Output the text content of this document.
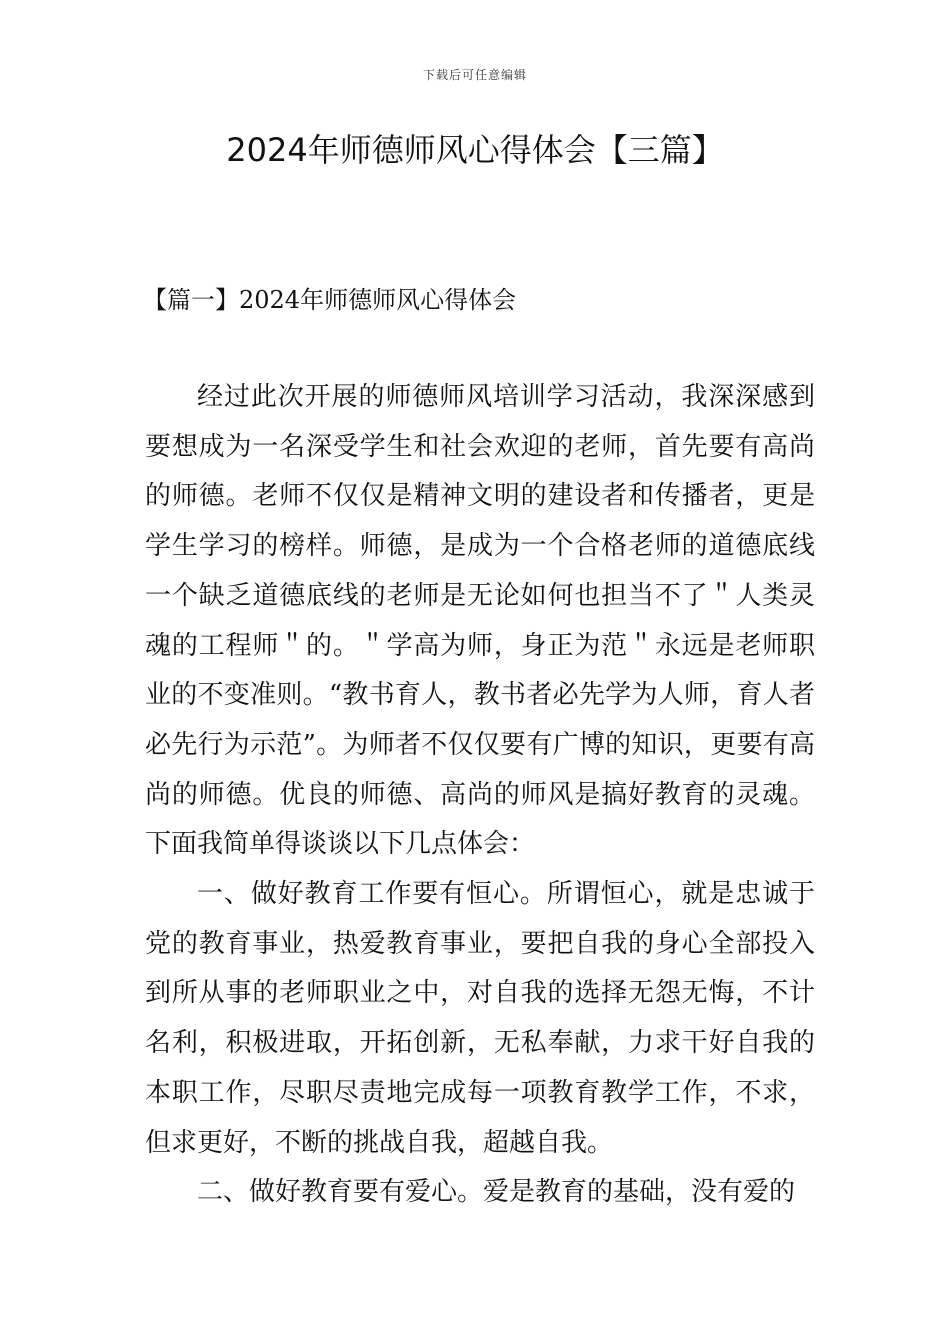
下载后可任意编辑
2024年师德师风心得体会【三篇】
【篇一】2024年师德师风心得体会

经过此次开展的师德师风培训学习活动，我深深感到要想成为一名深受学生和社会欢迎的老师，首先要有高尚的师德。老师不仅仅是精神文明的建设者和传播者，更是学生学习的榜样。师德，是成为一个合格老师的道德底线一个缺乏道德底线的老师是无论如何也担当不了＂人类灵魂的工程师＂的。＂学高为师，身正为范＂永远是老师职业的不变准则。“教书育人，教书者必先学为人师，育人者必先行为示范”。为师者不仅仅要有广博的知识，更要有高尚的师德。优良的师德、高尚的师风是搞好教育的灵魂。下面我简单得谈谈以下几点体会：

一、做好教育工作要有恒心。所谓恒心，就是忠诚于党的教育事业，热爱教育事业，要把自我的身心全部投入到所从事的老师职业之中，对自我的选择无怨无悔，不计名利，积极进取，开拓创新，无私奉献，力求干好自我的本职工作，尽职尽责地完成每一项教育教学工作，不求，但求更好，不断的挑战自我，超越自我。

二、做好教育要有爱心。爱是教育的基础，没有爱的
